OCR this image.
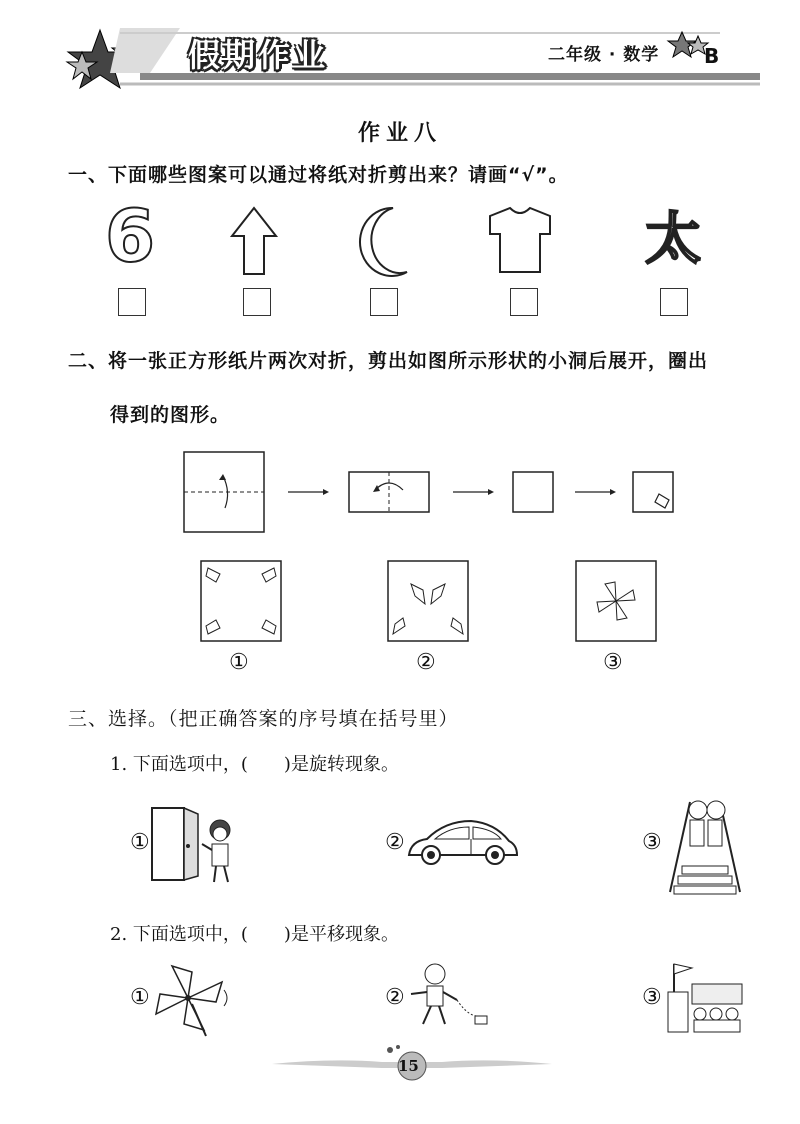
假期作业	二年级 · 数学 B
作业八
一、下面哪些图案可以通过将纸对折剪出来？请画“√”。
6	太
二、将一张正方形纸片两次对折，剪出如图所示形状的小洞后展开，圈出
得到的图形。
①	②	③
三、选择。（把正确答案的序号填在括号里）
1. 下面选项中，(　　)是旋转现象。
①	②	③
2. 下面选项中，(　　)是平移现象。
①	②	③
15
